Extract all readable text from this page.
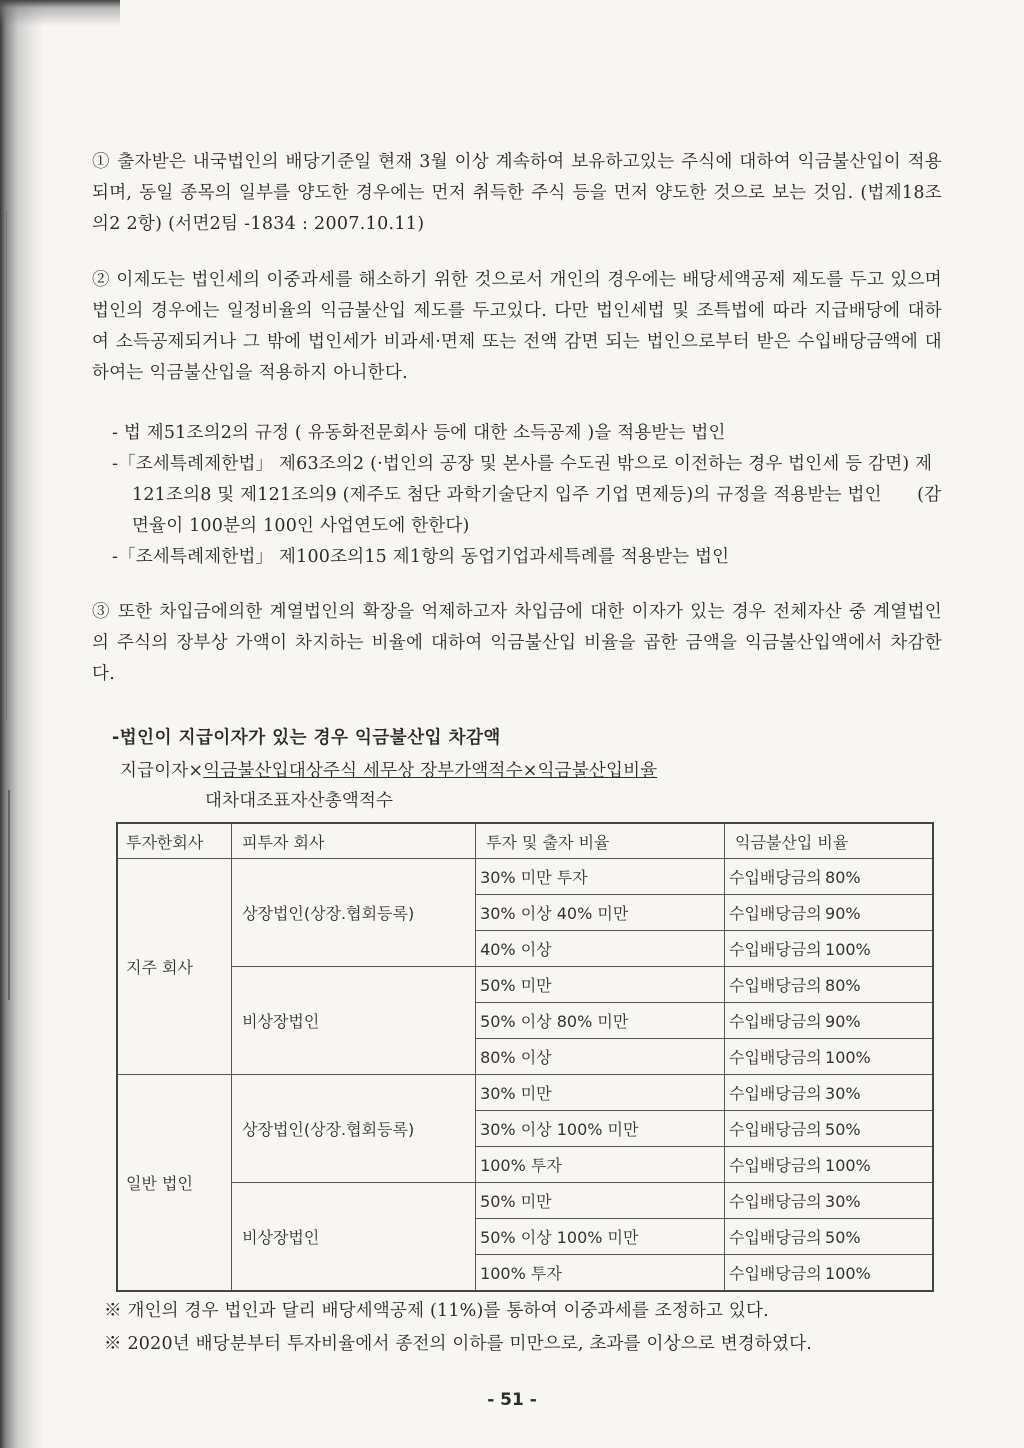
① 출자받은 내국법인의 배당기준일 현재 3월 이상 계속하여 보유하고있는 주식에 대하여 익금불산입이 적용되며, 동일 종목의 일부를 양도한 경우에는 먼저 취득한 주식 등을 먼저 양도한 것으로 보는 것임. (법제18조의2 2항) (서면2팀 -1834 : 2007.10.11)

② 이제도는 법인세의 이중과세를 해소하기 위한 것으로서 개인의 경우에는 배당세액공제 제도를 두고 있으며 법인의 경우에는 일정비율의 익금불산입 제도를 두고있다. 다만 법인세법 및 조특법에 따라 지급배당에 대하여 소득공제되거나 그 밖에 법인세가 비과세·면제 또는 전액 감면 되는 법인으로부터 받은 수입배당금액에 대하여는 익금불산입을 적용하지 아니한다.

- 법 제51조의2의 규정 ( 유동화전문회사 등에 대한 소득공제 )을 적용받는 법인

-「조세특례제한법」 제63조의2 (·법인의 공장 및 본사를 수도권 밖으로 이전하는 경우 법인세 등 감면) 제121조의8 및 제121조의9 (제주도 첨단 과학기술단지 입주 기업 면제등)의 규정을 적용받는 법인　　(감면율이 100분의 100인 사업연도에 한한다)

-「조세특례제한법」 제100조의15 제1항의 동업기업과세특례를 적용받는 법인

③ 또한 차입금에의한 계열법인의 확장을 억제하고자 차입금에 대한 이자가 있는 경우 전체자산 중 계열법인의 주식의 장부상 가액이 차지하는 비율에 대하여 익금불산입 비율을 곱한 금액을 익금불산입액에서 차감한다.

-법인이 지급이자가 있는 경우 익금불산입 차감액
지급이자×익금불산입대상주식 세무상 장부가액적수×익금불산입비율
대차대조표자산총액적수
투자한회사	피투자 회사	투자 및 출자 비율	익금불산입 비율
지주 회사	상장법인(상장.협회등록)	30% 미만 투자	수입배당금의 80%
		30% 이상 40% 미만	수입배당금의 90%
		40% 이상	수입배당금의 100%
	비상장법인	50% 미만	수입배당금의 80%
		50% 이상 80% 미만	수입배당금의 90%
		80% 이상	수입배당금의 100%
일반 법인	상장법인(상장.협회등록)	30% 미만	수입배당금의 30%
		30% 이상 100% 미만	수입배당금의 50%
		100% 투자	수입배당금의 100%
	비상장법인	50% 미만	수입배당금의 30%
		50% 이상 100% 미만	수입배당금의 50%
		100% 투자	수입배당금의 100%

※ 개인의 경우 법인과 달리 배당세액공제 (11%)를 통하여 이중과세를 조정하고 있다.

※ 2020년 배당분부터 투자비율에서 종전의 이하를 미만으로, 초과를 이상으로 변경하였다.

- 51 -
